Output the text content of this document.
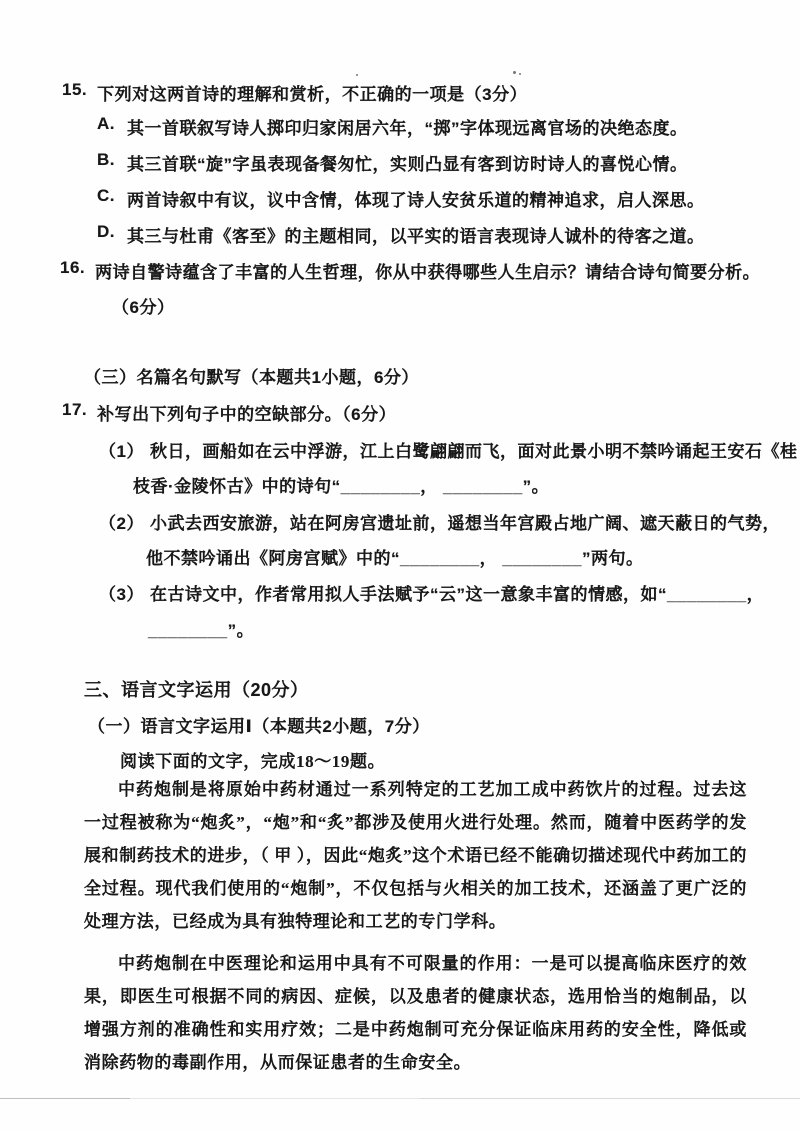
15. 下列对这两首诗的理解和赏析，不正确的一项是（3分）
A. 其一首联叙写诗人掷印归家闲居六年，“掷”字体现远离官场的决绝态度。
B. 其三首联“旋”字虽表现备餐匆忙，实则凸显有客到访时诗人的喜悦心情。
C. 两首诗叙中有议，议中含情，体现了诗人安贫乐道的精神追求，启人深思。
D. 其三与杜甫《客至》的主题相同，以平实的语言表现诗人诚朴的待客之道。
16. 两诗自警诗蕴含了丰富的人生哲理，你从中获得哪些人生启示？请结合诗句简要分析。
（6分）
（三）名篇名句默写（本题共1小题，6分）
17. 补写出下列句子中的空缺部分。（6分）
（1） 秋日，画船如在云中浮游，江上白鹭翩翩而飞，面对此景小明不禁吟诵起王安石《桂
枝香·金陵怀古》中的诗句“________， ________”。
（2） 小武去西安旅游，站在阿房宫遗址前，遥想当年宫殿占地广阔、遮天蔽日的气势，
他不禁吟诵出《阿房宫赋》中的“________， ________”两句。
（3） 在古诗文中，作者常用拟人手法赋予“云”这一意象丰富的情感，如“________，
________”。
三、语言文字运用（20分）
（一）语言文字运用Ⅰ（本题共2小题，7分）
阅读下面的文字，完成18～19题。
中药炮制是将原始中药材通过一系列特定的工艺加工成中药饮片的过程。过去这一过程被称为“炮炙”，“炮”和“炙”都涉及使用火进行处理。然而，随着中医药学的发展和制药技术的进步，（ 甲 ），因此“炮炙”这个术语已经不能确切描述现代中药加工的全过程。现代我们使用的“炮制”，不仅包括与火相关的加工技术，还涵盖了更广泛的处理方法，已经成为具有独特理论和工艺的专门学科。
中药炮制在中医理论和运用中具有不可限量的作用：一是可以提高临床医疗的效果，即医生可根据不同的病因、症候，以及患者的健康状态，选用恰当的炮制品，以增强方剂的准确性和实用疗效；二是中药炮制可充分保证临床用药的安全性，降低或消除药物的毒副作用，从而保证患者的生命安全。
